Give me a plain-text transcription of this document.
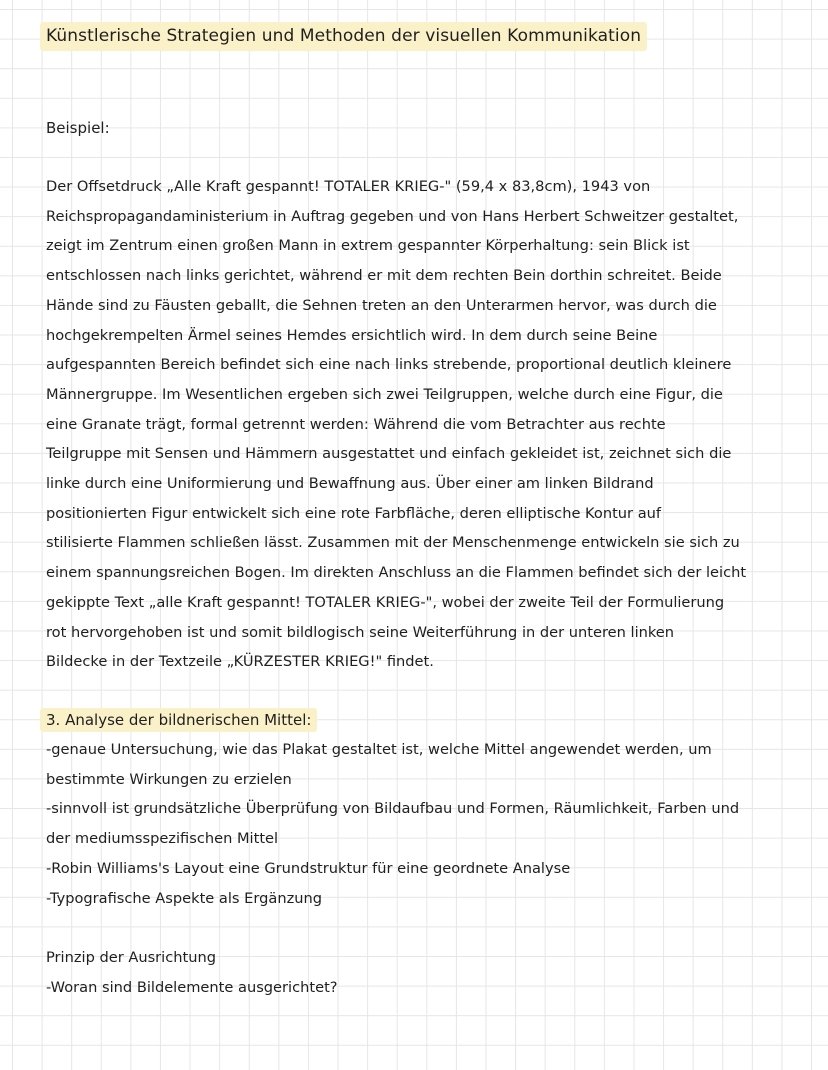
Künstlerische Strategien und Methoden der visuellen Kommunikation
Beispiel:
Der Offsetdruck „Alle Kraft gespannt! TOTALER KRIEG-" (59,4 x 83,8cm), 1943 von
Reichspropagandaministerium in Auftrag gegeben und von Hans Herbert Schweitzer gestaltet,
zeigt im Zentrum einen großen Mann in extrem gespannter Körperhaltung: sein Blick ist
entschlossen nach links gerichtet, während er mit dem rechten Bein dorthin schreitet. Beide
Hände sind zu Fäusten geballt, die Sehnen treten an den Unterarmen hervor, was durch die
hochgekrempelten Ärmel seines Hemdes ersichtlich wird. In dem durch seine Beine
aufgespannten Bereich befindet sich eine nach links strebende, proportional deutlich kleinere
Männergruppe. Im Wesentlichen ergeben sich zwei Teilgruppen, welche durch eine Figur, die
eine Granate trägt, formal getrennt werden: Während die vom Betrachter aus rechte
Teilgruppe mit Sensen und Hämmern ausgestattet und einfach gekleidet ist, zeichnet sich die
linke durch eine Uniformierung und Bewaffnung aus. Über einer am linken Bildrand
positionierten Figur entwickelt sich eine rote Farbfläche, deren elliptische Kontur auf
stilisierte Flammen schließen lässt. Zusammen mit der Menschenmenge entwickeln sie sich zu
einem spannungsreichen Bogen. Im direkten Anschluss an die Flammen befindet sich der leicht
gekippte Text „alle Kraft gespannt! TOTALER KRIEG-", wobei der zweite Teil der Formulierung
rot hervorgehoben ist und somit bildlogisch seine Weiterführung in der unteren linken
Bildecke in der Textzeile „KÜRZESTER KRIEG!" findet.
3. Analyse der bildnerischen Mittel:
-genaue Untersuchung, wie das Plakat gestaltet ist, welche Mittel angewendet werden, um
bestimmte Wirkungen zu erzielen
-sinnvoll ist grundsätzliche Überprüfung von Bildaufbau und Formen, Räumlichkeit, Farben und
der mediumsspezifischen Mittel
-Robin Williams's Layout eine Grundstruktur für eine geordnete Analyse
-Typografische Aspekte als Ergänzung
Prinzip der Ausrichtung
-Woran sind Bildelemente ausgerichtet?
